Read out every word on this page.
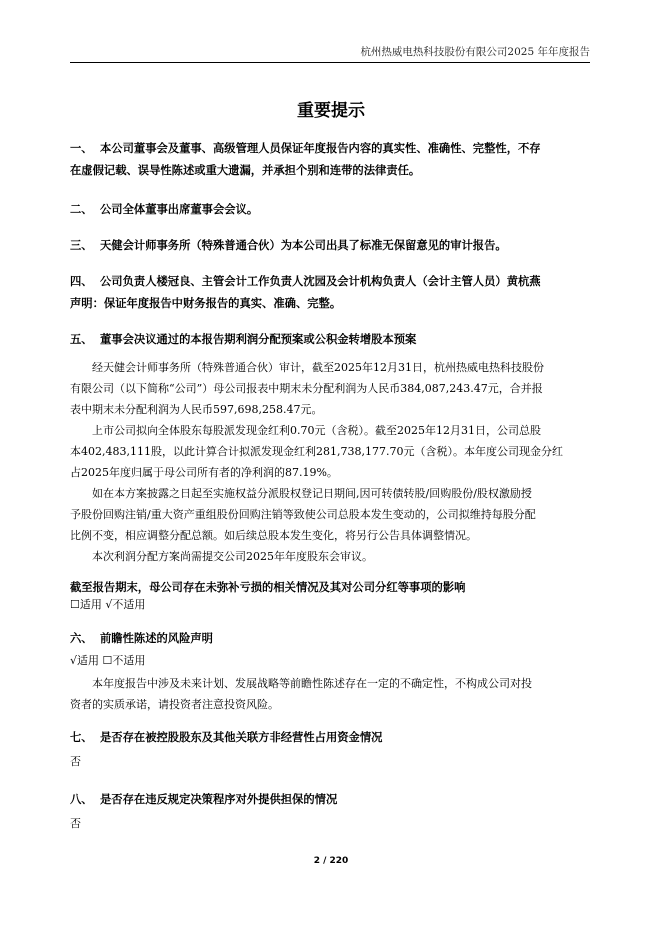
杭州热威电热科技股份有限公司2025 年年度报告
重要提示
一、 本公司董事会及董事、高级管理人员保证年度报告内容的真实性、准确性、完整性，不存
在虚假记载、误导性陈述或重大遗漏，并承担个别和连带的法律责任。
二、 公司全体董事出席董事会会议。
三、 天健会计师事务所（特殊普通合伙）为本公司出具了标准无保留意见的审计报告。
四、 公司负责人楼冠良、主管会计工作负责人沈园及会计机构负责人（会计主管人员）黄杭燕
声明：保证年度报告中财务报告的真实、准确、完整。
五、 董事会决议通过的本报告期利润分配预案或公积金转增股本预案
经天健会计师事务所（特殊普通合伙）审计，截至2025年12月31日，杭州热威电热科技股份
有限公司（以下简称“公司”）母公司报表中期末未分配利润为人民币384,087,243.47元，合并报
表中期末未分配利润为人民币597,698,258.47元。
上市公司拟向全体股东每股派发现金红利0.70元（含税）。截至2025年12月31日，公司总股
本402,483,111股，以此计算合计拟派发现金红利281,738,177.70元（含税）。本年度公司现金分红
占2025年度归属于母公司所有者的净利润的87.19%。
如在本方案披露之日起至实施权益分派股权登记日期间,因可转债转股/回购股份/股权激励授
予股份回购注销/重大资产重组股份回购注销等致使公司总股本发生变动的，公司拟维持每股分配
比例不变，相应调整分配总额。如后续总股本发生变化，将另行公告具体调整情况。
本次利润分配方案尚需提交公司2025年年度股东会审议。
截至报告期末，母公司存在未弥补亏损的相关情况及其对公司分红等事项的影响
☐适用 √不适用
六、 前瞻性陈述的风险声明
√适用 ☐不适用
本年度报告中涉及未来计划、发展战略等前瞻性陈述存在一定的不确定性，不构成公司对投
资者的实质承诺，请投资者注意投资风险。
七、 是否存在被控股股东及其他关联方非经营性占用资金情况
否
八、 是否存在违反规定决策程序对外提供担保的情况
否
2 / 220
